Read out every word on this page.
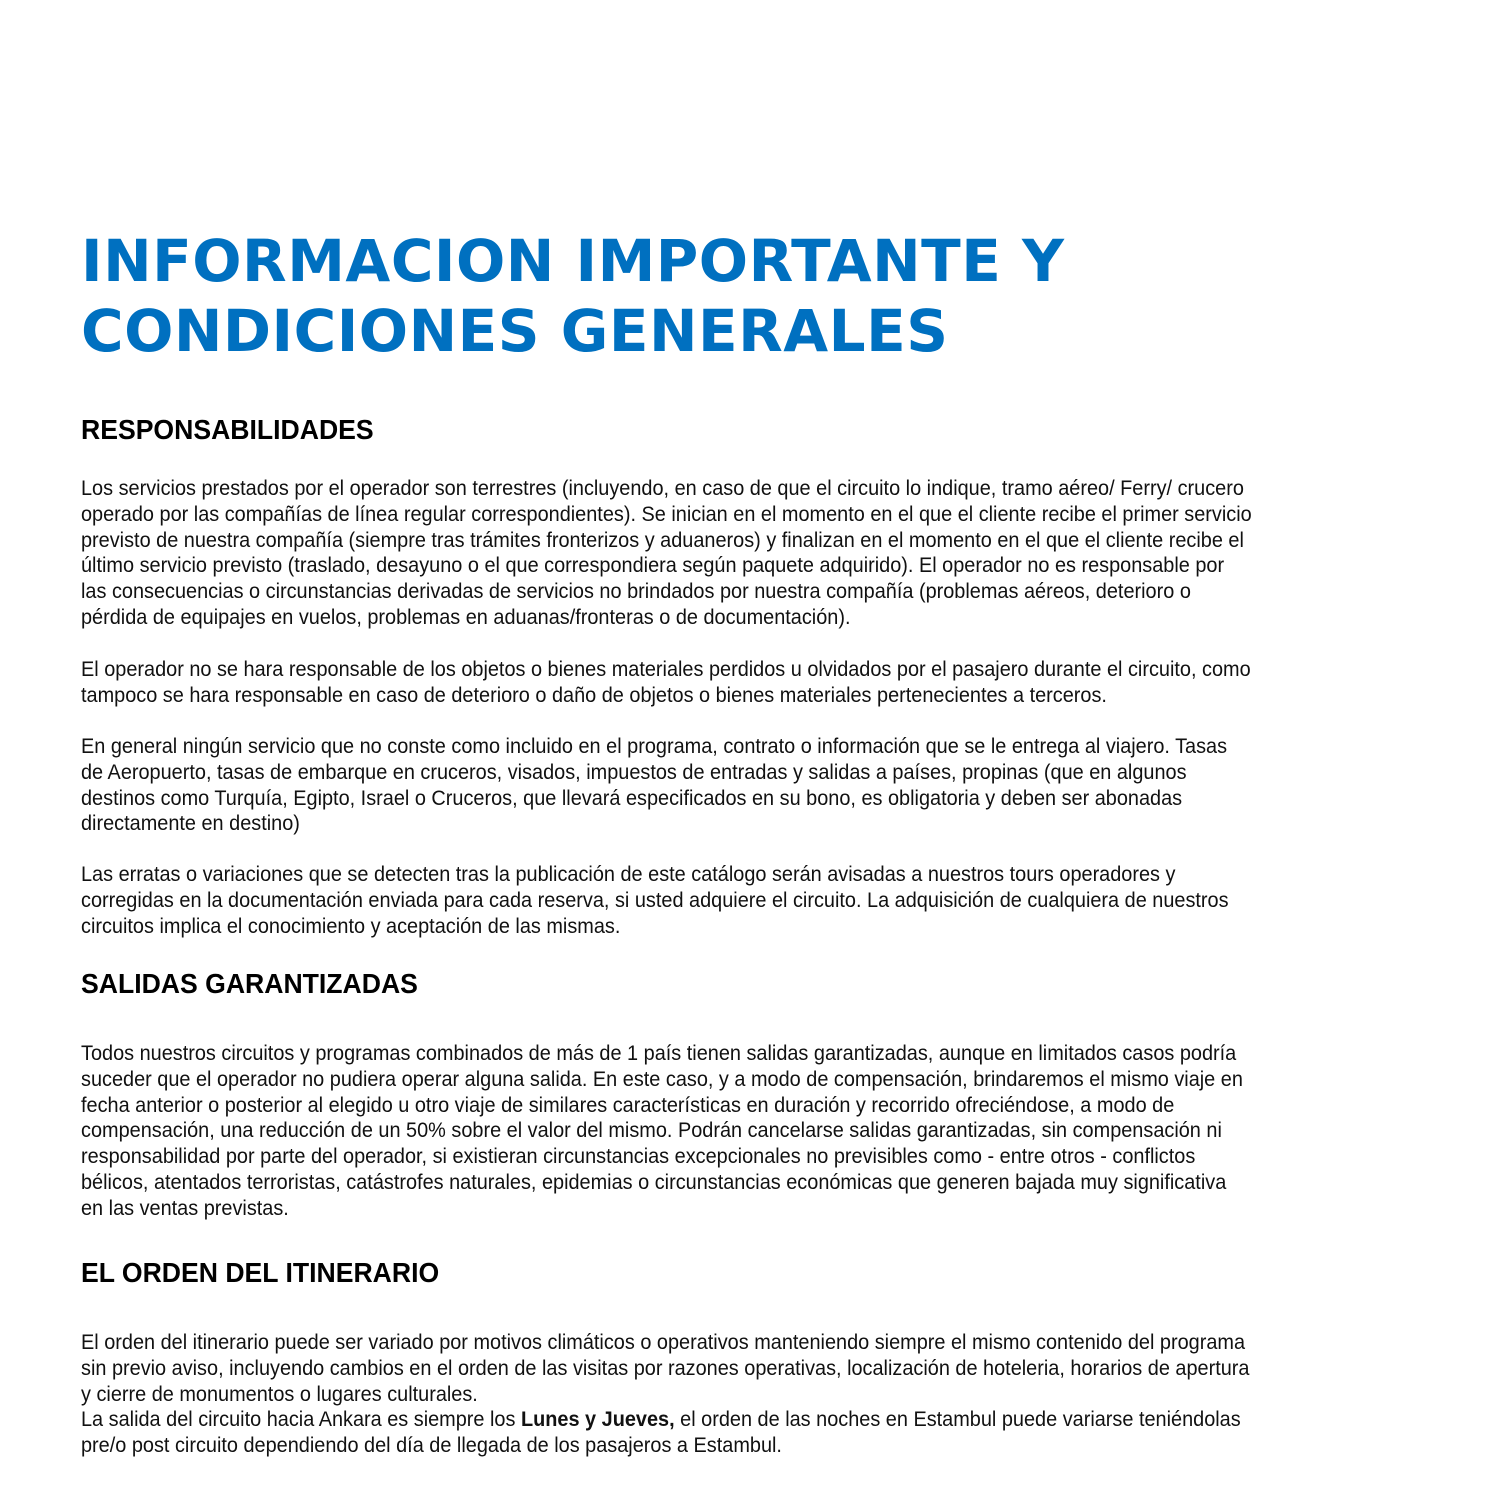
INFORMACION IMPORTANTE Y
CONDICIONES GENERALES
RESPONSABILIDADES

Los servicios prestados por el operador son terrestres (incluyendo, en caso de que el circuito lo indique, tramo aéreo/ Ferry/ crucero
operado por las compañías de línea regular correspondientes). Se inician en el momento en el que el cliente recibe el primer servicio
previsto de nuestra compañía (siempre tras trámites fronterizos y aduaneros) y finalizan en el momento en el que el cliente recibe el
último servicio previsto (traslado, desayuno o el que correspondiera según paquete adquirido). El operador no es responsable por
las consecuencias o circunstancias derivadas de servicios no brindados por nuestra compañía (problemas aéreos, deterioro o
pérdida de equipajes en vuelos, problemas en aduanas/fronteras o de documentación).

El operador no se hara responsable de los objetos o bienes materiales perdidos u olvidados por el pasajero durante el circuito, como
tampoco se hara responsable en caso de deterioro o daño de objetos o bienes materiales pertenecientes a terceros.

En general ningún servicio que no conste como incluido en el programa, contrato o información que se le entrega al viajero. Tasas
de Aeropuerto, tasas de embarque en cruceros, visados, impuestos de entradas y salidas a países, propinas (que en algunos
destinos como Turquía, Egipto, Israel o Cruceros, que llevará especificados en su bono, es obligatoria y deben ser abonadas
directamente en destino)

Las erratas o variaciones que se detecten tras la publicación de este catálogo serán avisadas a nuestros tours operadores y
corregidas en la documentación enviada para cada reserva, si usted adquiere el circuito. La adquisición de cualquiera de nuestros
circuitos implica el conocimiento y aceptación de las mismas.

SALIDAS GARANTIZADAS

Todos nuestros circuitos y programas combinados de más de 1 país tienen salidas garantizadas, aunque en limitados casos podría
suceder que el operador no pudiera operar alguna salida. En este caso, y a modo de compensación, brindaremos el mismo viaje en
fecha anterior o posterior al elegido u otro viaje de similares características en duración y recorrido ofreciéndose, a modo de
compensación, una reducción de un 50% sobre el valor del mismo. Podrán cancelarse salidas garantizadas, sin compensación ni
responsabilidad por parte del operador, si existieran circunstancias excepcionales no previsibles como - entre otros - conflictos
bélicos, atentados terroristas, catástrofes naturales, epidemias o circunstancias económicas que generen bajada muy significativa
en las ventas previstas.

EL ORDEN DEL ITINERARIO

El orden del itinerario puede ser variado por motivos climáticos o operativos manteniendo siempre el mismo contenido del programa
sin previo aviso, incluyendo cambios en el orden de las visitas por razones operativas, localización de hoteleria, horarios de apertura
y cierre de monumentos o lugares culturales.

La salida del circuito hacia Ankara es siempre los Lunes y Jueves, el orden de las noches en Estambul puede variarse teniéndolas
pre/o post circuito dependiendo del día de llegada de los pasajeros a Estambul.
